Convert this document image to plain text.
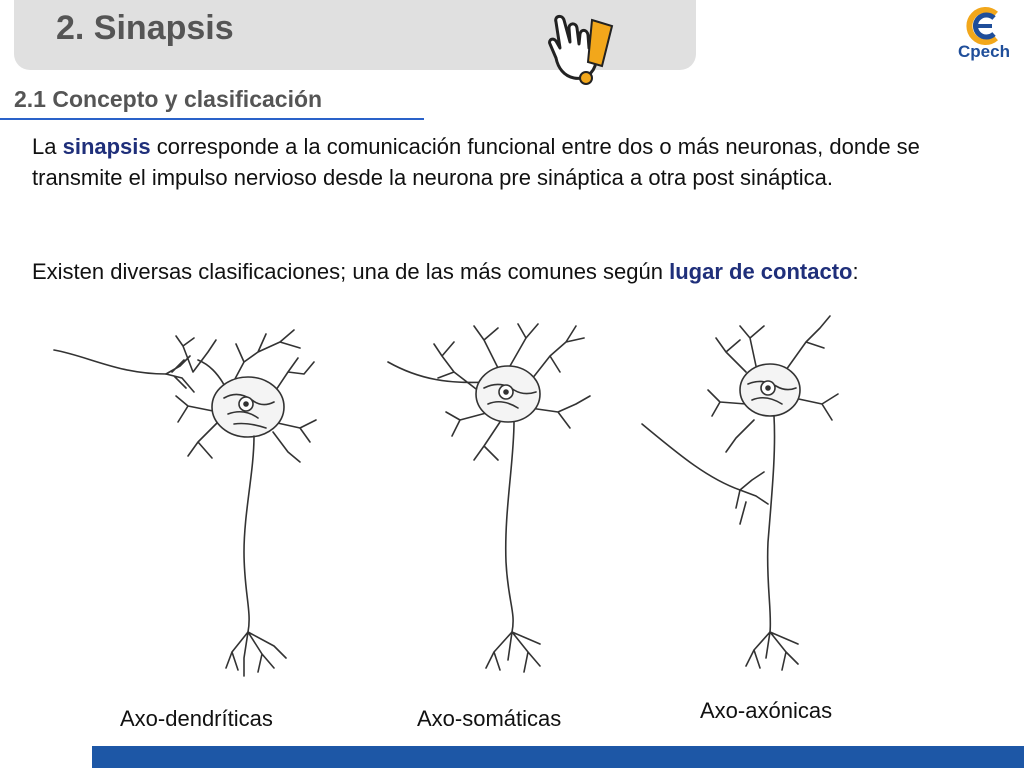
2. Sinapsis
Cpech
2.1 Concepto y clasificación
La sinapsis corresponde a la comunicación funcional entre dos o más neuronas, donde se transmite el impulso nervioso desde la neurona pre sináptica a otra post sináptica.
Existen diversas clasificaciones; una de las más comunes según lugar de contacto:
Axo-dendríticas	Axo-somáticas	Axo-axónicas
